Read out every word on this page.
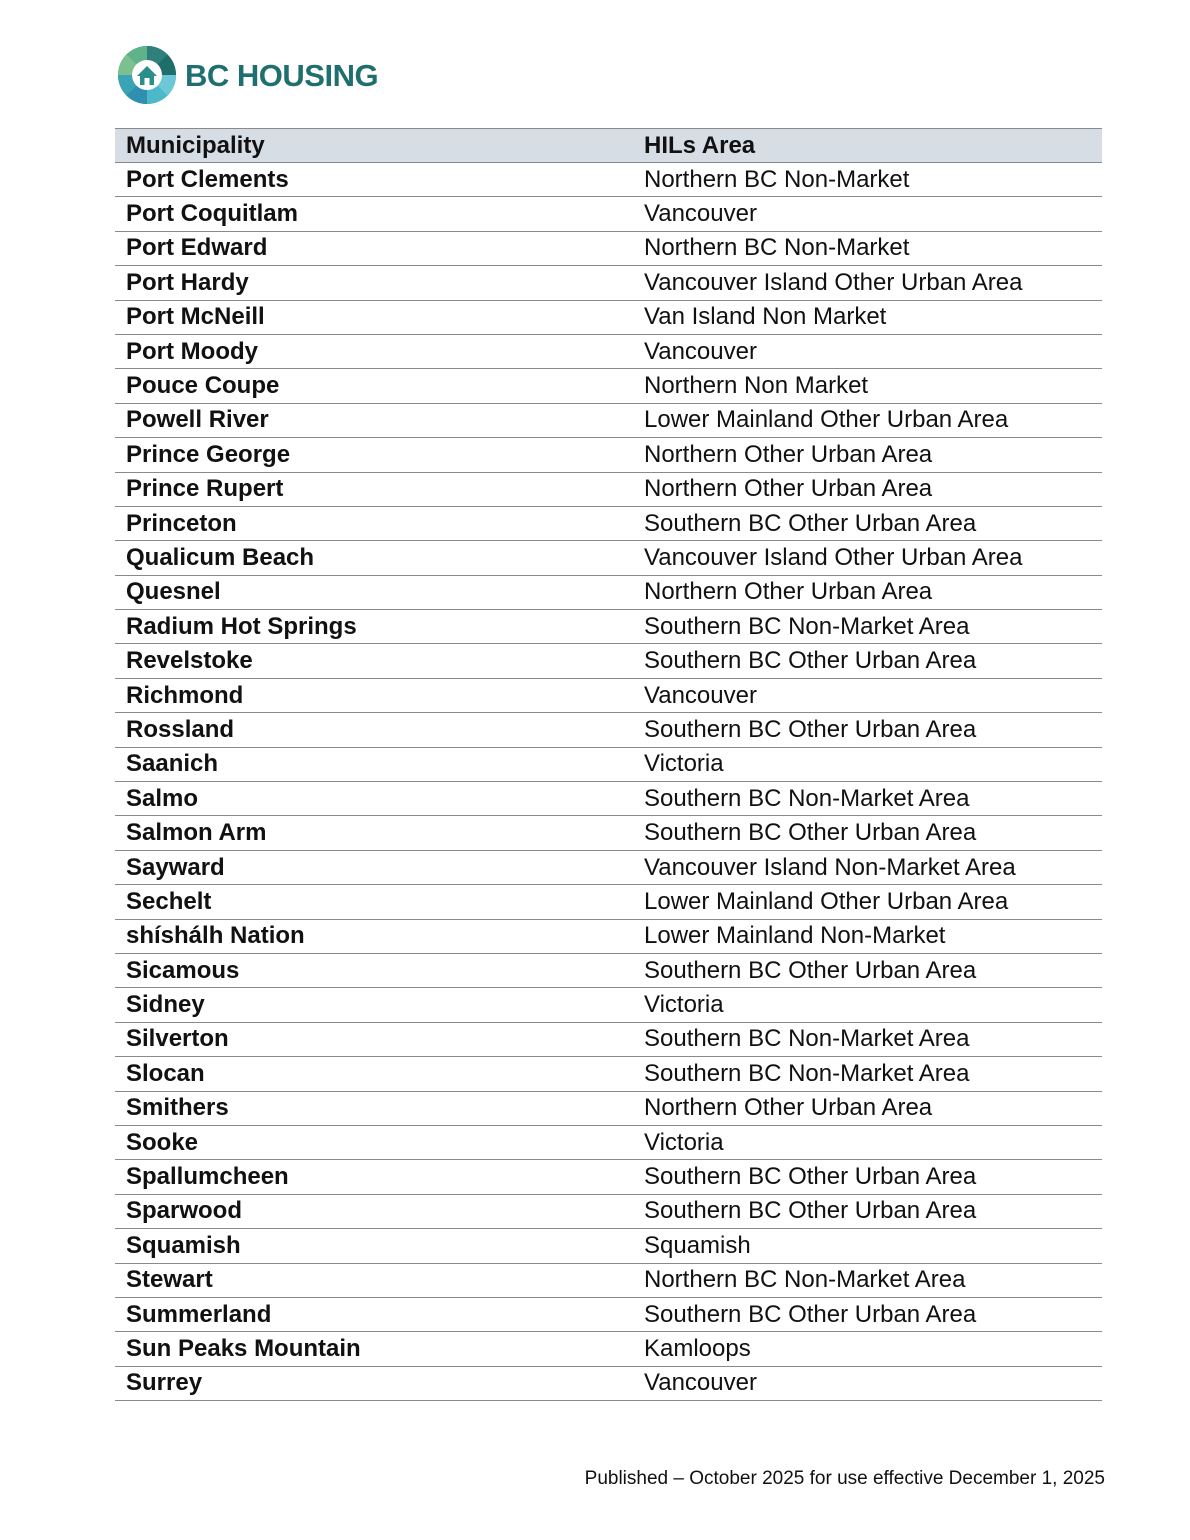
BC HOUSING
Municipality	HILs Area
Port Clements	Northern BC Non-Market
Port Coquitlam	Vancouver
Port Edward	Northern BC Non-Market
Port Hardy	Vancouver Island Other Urban Area
Port McNeill	Van Island Non Market
Port Moody	Vancouver
Pouce Coupe	Northern Non Market
Powell River	Lower Mainland Other Urban Area
Prince George	Northern Other Urban Area
Prince Rupert	Northern Other Urban Area
Princeton	Southern BC Other Urban Area
Qualicum Beach	Vancouver Island Other Urban Area
Quesnel	Northern Other Urban Area
Radium Hot Springs	Southern BC Non-Market Area
Revelstoke	Southern BC Other Urban Area
Richmond	Vancouver
Rossland	Southern BC Other Urban Area
Saanich	Victoria
Salmo	Southern BC Non-Market Area
Salmon Arm	Southern BC Other Urban Area
Sayward	Vancouver Island Non-Market Area
Sechelt	Lower Mainland Other Urban Area
shíshálh Nation	Lower Mainland Non-Market
Sicamous	Southern BC Other Urban Area
Sidney	Victoria
Silverton	Southern BC Non-Market Area
Slocan	Southern BC Non-Market Area
Smithers	Northern Other Urban Area
Sooke	Victoria
Spallumcheen	Southern BC Other Urban Area
Sparwood	Southern BC Other Urban Area
Squamish	Squamish
Stewart	Northern BC Non-Market Area
Summerland	Southern BC Other Urban Area
Sun Peaks Mountain	Kamloops
Surrey	Vancouver
Published – October 2025 for use effective December 1, 2025
